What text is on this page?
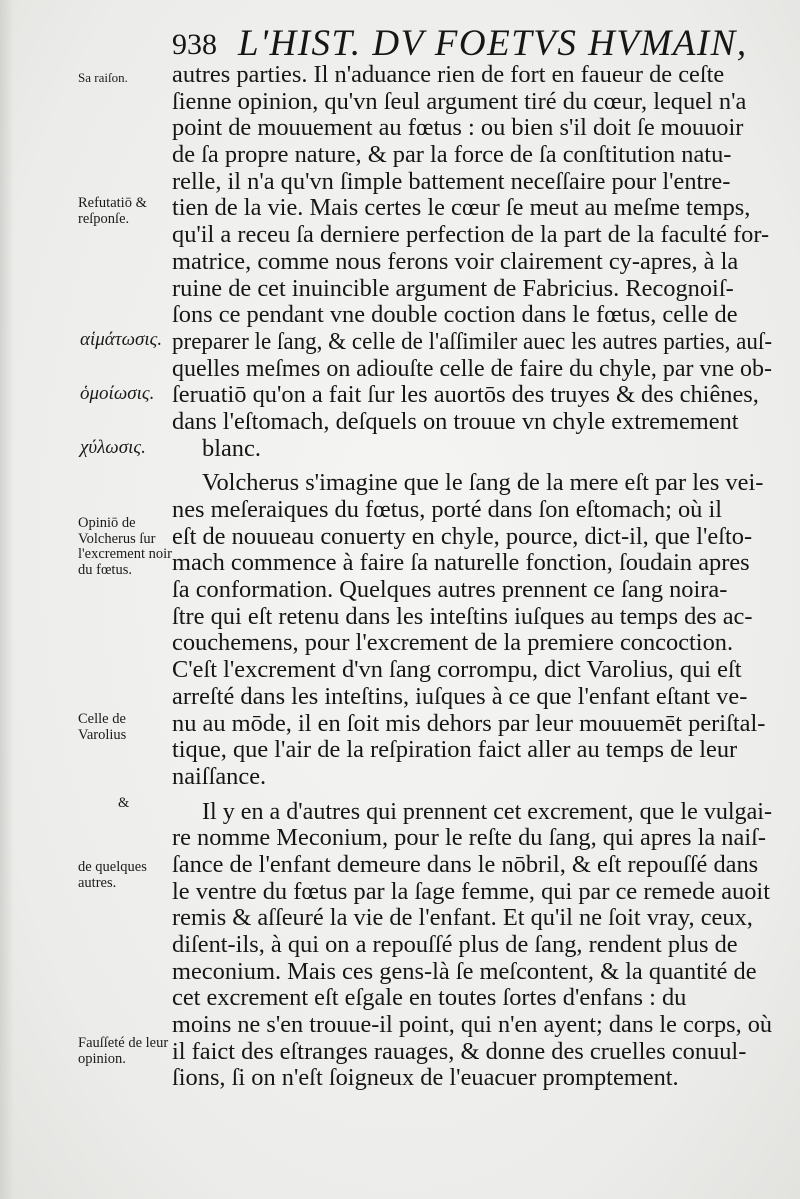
938 L'HIST. DV FOETVS HVMAIN,
Sa raiſon.
Refutatiō & reſponſe.
αἱμάτωσις.
ὁμοίωσις.
χύλωσις.
Opiniō de Volcherus ſur l'excrement noir du fœtus.
Celle de Varolius
&
de quelques autres.
Fauſſeté de leur opinion.
autres parties. Il n'aduance rien de fort en faueur de ceſte
ſienne opinion, qu'vn ſeul argument tiré du cœur, lequel n'a
point de mouuement au fœtus : ou bien s'il doit ſe mouuoir
de ſa propre nature, & par la force de ſa conſtitution natu-
relle, il n'a qu'vn ſimple battement neceſſaire pour l'entre-
tien de la vie. Mais certes le cœur ſe meut au meſme temps,
qu'il a receu ſa derniere perfection de la part de la faculté for-
matrice, comme nous ferons voir clairement cy-apres, à la
ruine de cet inuincible argument de Fabricius. Recognoiſ-
ſons ce pendant vne double coction dans le fœtus, celle de
preparer le ſang, & celle de l'aſſimiler auec les autres parties, auſ-
quelles meſmes on adiouſte celle de faire du chyle, par vne ob-
ſeruatiō qu'on a fait ſur les auortōs des truyes & des chiênes,
dans l'eſtomach, deſquels on trouue vn chyle extremement
blanc.
Volcherus s'imagine que le ſang de la mere eſt par les vei-
nes meſeraiques du fœtus, porté dans ſon eſtomach; où il
eſt de nouueau conuerty en chyle, pource, dict-il, que l'eſto-
mach commence à faire ſa naturelle fonction, ſoudain apres
ſa conformation. Quelques autres prennent ce ſang noira-
ſtre qui eſt retenu dans les inteſtins iuſques au temps des ac-
couchemens, pour l'excrement de la premiere concoction.
C'eſt l'excrement d'vn ſang corrompu, dict Varolius, qui eſt
arreſté dans les inteſtins, iuſques à ce que l'enfant eſtant ve-
nu au mōde, il en ſoit mis dehors par leur mouuemēt periſtal-
tique, que l'air de la reſpiration faict aller au temps de leur
naiſſance.
Il y en a d'autres qui prennent cet excrement, que le vulgai-
re nomme Meconium, pour le reſte du ſang, qui apres la naiſ-
ſance de l'enfant demeure dans le nōbril, & eſt repouſſé dans
le ventre du fœtus par la ſage femme, qui par ce remede auoit
remis & aſſeuré la vie de l'enfant. Et qu'il ne ſoit vray, ceux,
diſent-ils, à qui on a repouſſé plus de ſang, rendent plus de
meconium. Mais ces gens-là ſe meſcontent, & la quantité de
cet excrement eſt eſgale en toutes ſortes d'enfans : du
moins ne s'en trouue-il point, qui n'en ayent; dans le corps, où
il faict des eſtranges rauages, & donne des cruelles conuul-
ſions, ſi on n'eſt ſoigneux de l'euacuer promptement.
